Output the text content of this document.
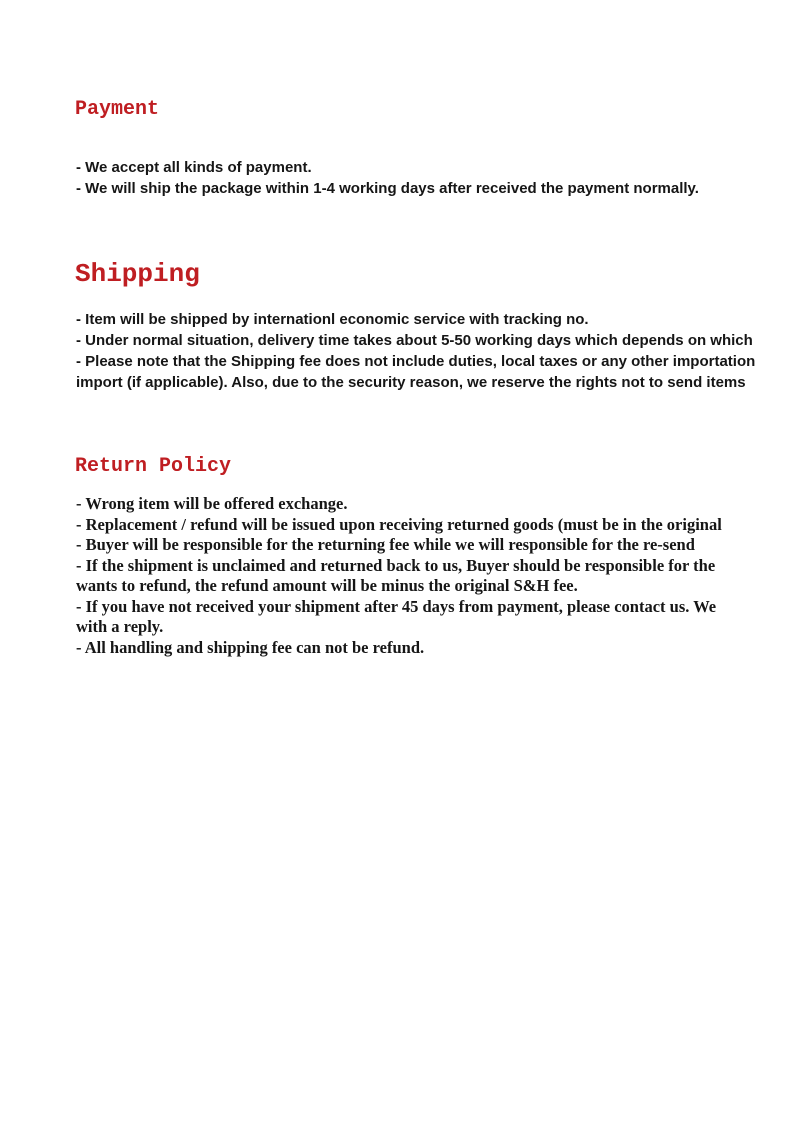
Payment
- We accept all kinds of payment.
- We will ship the package within 1-4 working days after received the payment normally.
Shipping
- Item will be shipped by internationl economic service with tracking no.
- Under normal situation, delivery time takes about 5-50 working days which depends on which
- Please note that the Shipping fee does not include duties, local taxes or any other importation
import (if applicable). Also, due to the security reason, we reserve the rights not to send items
Return Policy
- Wrong item will be offered exchange.
- Replacement / refund will be issued upon receiving returned goods (must be in the original
- Buyer will be responsible for the returning fee while we will responsible for the re-send
- If the shipment is unclaimed and returned back to us, Buyer should be responsible for the
wants to refund, the refund amount will be minus the original S&H fee.
- If you have not received your shipment after 45 days from payment, please contact us. We
with a reply.
- All handling and shipping fee can not be refund.
